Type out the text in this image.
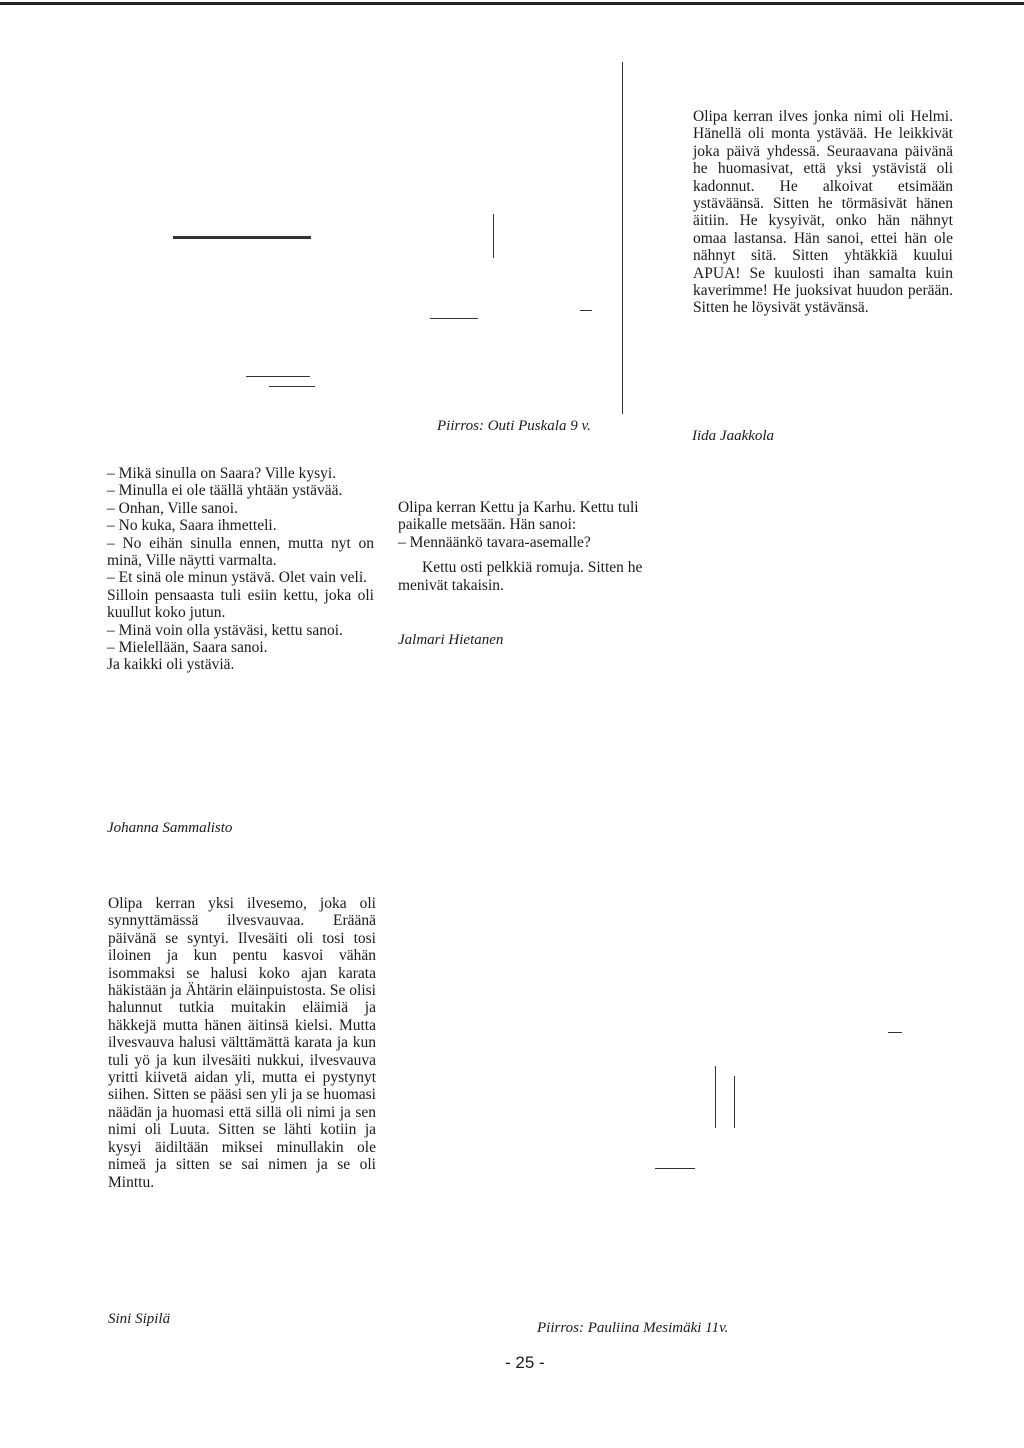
Piirros: Outi Puskala 9 v.

Olipa kerran ilves jonka nimi oli Helmi. Hänellä oli monta ystävää. He leikkivät joka päivä yhdessä. Seuraavana päivänä he huomasivat, että yksi ystävistä oli kadonnut. He alkoivat etsimään ystäväänsä. Sitten he törmäsivät hänen äitiin. He kysyivät, onko hän nähnyt omaa lastansa. Hän sanoi, ettei hän ole nähnyt sitä. Sitten yhtäkkiä kuului APUA! Se kuulosti ihan samalta kuin kaverimme! He juoksivat huudon perään. Sitten he löysivät ystävänsä.

Iida Jaakkola

– Mikä sinulla on Saara? Ville kysyi.

– Minulla ei ole täällä yhtään ystävää.

– Onhan, Ville sanoi.

– No kuka, Saara ihmetteli.

– No eihän sinulla ennen, mutta nyt on minä, Ville näytti varmalta.

– Et sinä ole minun ystävä. Olet vain veli.

Silloin pensaasta tuli esiin kettu, joka oli kuullut koko jutun.

– Minä voin olla ystäväsi, kettu sanoi.

– Mielellään, Saara sanoi.

Ja kaikki oli ystäviä.

Johanna Sammalisto

Olipa kerran Kettu ja Karhu. Kettu tuli paikalle metsään. Hän sanoi:

– Mennäänkö tavara-asemalle?

Kettu osti pelkkiä romuja. Sitten he menivät takaisin.

Jalmari Hietanen

Olipa kerran yksi ilvesemo, joka oli synnyttämässä ilvesvauvaa. Eräänä päivänä se syntyi. Ilvesäiti oli tosi tosi iloinen ja kun pentu kasvoi vähän isommaksi se halusi koko ajan karata häkistään ja Ähtärin eläinpuistosta. Se olisi halunnut tutkia muitakin eläimiä ja häkkejä mutta hänen äitinsä kielsi. Mutta ilvesvauva halusi välttämättä karata ja kun tuli yö ja kun ilvesäiti nukkui, ilvesvauva yritti kiivetä aidan yli, mutta ei pystynyt siihen. Sitten se pääsi sen yli ja se huomasi näädän ja huomasi että sillä oli nimi ja sen nimi oli Luuta. Sitten se lähti kotiin ja kysyi äidiltään miksei minullakin ole nimeä ja sitten se sai nimen ja se oli Minttu.

Sini Sipilä
Piirros: Pauliina Mesimäki 11v.
- 25 -
